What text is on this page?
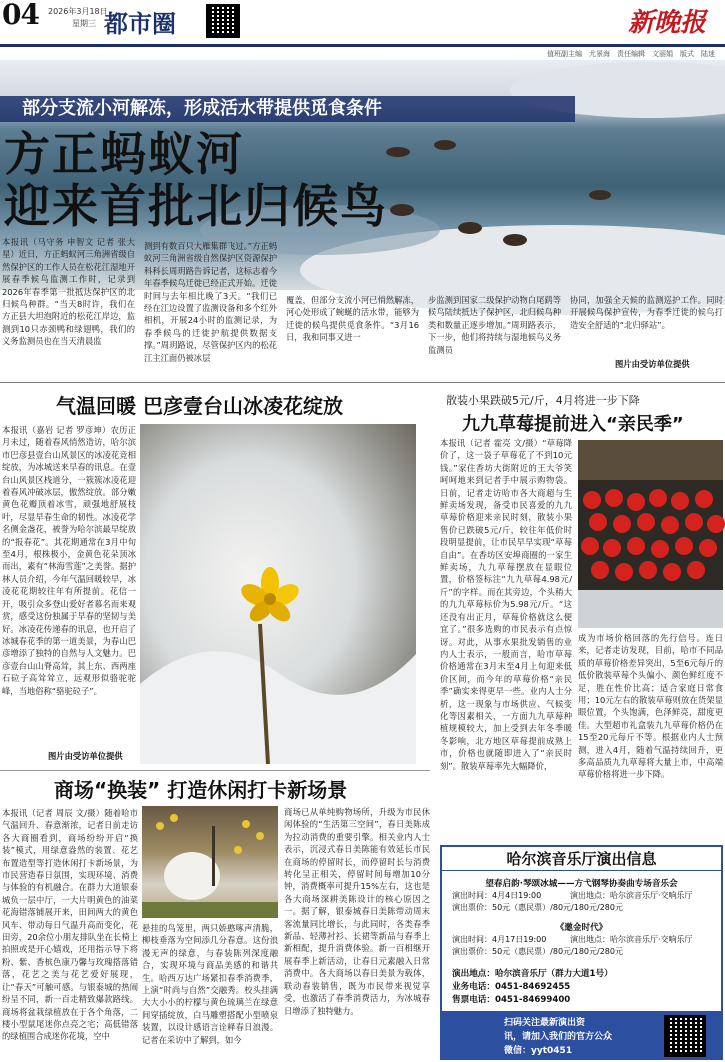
04 2026年3月18日
星期三 都市圈	新晚报
值班副主编　尤景海　责任编辑　文丽娟　版式　陆迷
部分支流小河解冻，形成活水带提供觅食条件
方正蚂蚁河
迎来首批北归候鸟
本报讯（马守务 申智文 记者 张大星）近日，方正蚂蚁河三角洲省级自然保护区的工作人员在松花江湿地开展春季候鸟监测工作时，记录到2026年春季第一批抵达保护区的北归候鸟种群。“当天8时许，我们在方正县大坦泡附近的松花江岸边，监测到10只赤颈鸭和绿翅鸭，我们的义务监测员也在当天清晨监
测到有数百只大雁集群飞过。”方正蚂蚁河三角洲省级自然保护区资源保护科科长周玥路告诉记者，这标志着今年春季候鸟迁徙已经正式开始。迁徙时间与去年相比晚了3天。“我们已经在江边设置了监测设备和多个红外相机，开展24小时的监测记录，为春季候鸟的迁徙护航提供数据支撑。”周玥路说，尽管保护区内的松花江主江面仍被冰层
覆盖，但部分支流小河已悄然解冻，河心处形成了蜿蜒的活水带，能够为迁徙的候鸟提供觅食条件。“3月16日，我和同事又进一
步监测到国家二级保护动物白尾鹞等候鸟陆续抵达了保护区，北归候鸟种类和数量正逐步增加。”周玥路表示，下一步，他们将持续与湿地候鸟义务监测员
协同，加强全天候的监测巡护工作。同时开展候鸟保护宣传，为春季迁徙的候鸟打造安全舒适的“北归驿站”。
图片由受访单位提供
气温回暖 巴彦壹台山冰凌花绽放
本报讯（嘉岩 记者 罗彦坤）农历正月未过，随着春风悄然造访，哈尔滨市巴彦县壹台山风景区的冰凌花竞相绽放，为冰城送来早春的讯息。在壹台山风景区栈道分，一簇簇冰凌花迎着春风冲破冰层，傲然绽放。部分嫩黄色花瓣顶着冰雪，顽强地舒展枝叶，尽显早春生命的韧性。冰凌花学名侧金盏花，被誉为哈尔滨最早绽放的“报春花”。其花期通常在3月中旬至4月，根株极小，金黄色花朵顶冰而出，素有“林海雪莲”之美誉。据护林人员介绍，今年气温回暖较早，冰凌花花期较往年有所提前。花信一开，吸引众多登山爱好者慕名而来观赏，感受这份独属于早春的坚韧与美好。冰凌花传递春的讯息，也开启了冰城春花季的第一道美景，为春山巴彦增添了独特的自然与人文魅力。巴彦壹台山山脊高耸，其上东、西两座石砬子高耸耸立，远观形似骆驼驼峰，当地俗称“骆驼砬子”。
图片由受访单位提供
散装小果跌破5元/斤，4月将进一步下降
九九草莓提前进入“亲民季”
本报讯（记者 霍亮 文/摄）“草莓降价了，这一袋子草莓花了不到10元钱。”家住香坊大街附近的王大爷笑呵呵地来到记者手中展示购物袋。日前，记者走访哈市各大商超与生鲜卖场发现，备受市民喜爱的九九草莓价格迎来亲民时刻，散装小果售价已跌破5元/斤，较往年低价时段明显提前，让市民早早实现“草莓自由”。在香坊区安埠商圈的一家生鲜卖场，九九草莓摆放在显眼位置，价格签标注“九九草莓4.98元/斤”的字样。而在其旁边，个头稍大的九九草莓标价为5.98元/斤。“这还没有出正月，草莓价格就这么便宜了。”很多选购的市民表示有点惊讶。对此，从事水果批发销售的业内人士表示，一般而言，哈市草莓价格通常在3月末至4月上旬迎来低价区间，而今年的草莓价格“亲民季”确实来得更早一些。业内人士分析，这一现象与市场供应、气候变化等因素相关，一方面九九草莓种植规模较大，加上受到去年冬季暖冬影响，北方地区草莓提前成熟上市，价格也就随即进入了“亲民时刻”。散装草莓率先大幅降价，
成为市场价格回落的先行信号。连日来，记者走访发现，目前，哈市不同品质的草莓价格差异突出，5至6元每斤的低价散装草莓个头偏小、颜色鲜红度不足，胜在性价比高；适合家庭日常食用；10元左右的散装草莓则放在货架显眼位置，个头饱满，色泽鲜亮，甜度更佳。大型超市礼盒装九九草莓价格仍在15至20元每斤不等。根据业内人士预测，进入4月，随着气温持续回升，更多高品质九九草莓将大量上市，中高端草莓价格将进一步下降。
商场“换装” 打造休闲打卡新场景
本报讯（记者 周辰 文/摄）随着哈市气温回升、春意渐浓，记者日前走访各大商圈看到，商场纷纷开启“换装”模式，用绿意盎然的装置、花艺布置造型等打造休闲打卡新场景，为市民营造春日氛围，实现环境、消费与体验的有机融合。在群力大道银泰城负一层中厅，一大片明黄色的油菜花海错落铺展开来，田间两大的黄色风车、带动每日气温升高而变化，花田旁，20余位小朋友排队坐在长椅上拍照或是开心嬉戏，还用指示导下将粉、紫、香槟色康乃馨与玫瑰搭落错落，花艺之美与花艺爱好展现，让“春天”可触可感。与银泰城的热闹纷呈不同，新一百走精致爆款路线。商场将盆栽绿植放在于各个角落，二楼小型鼠尾迷你点亮之宅；高低错落的绿植围合成迷你花境，空中
悬挂的鸟笼里，两只娇憨啄声清脆，柳枝垂落为空间添几分春意。这份浪漫无声的绿意，与春装陈列深度融合，实现环境与商品美感的和谐共生。哈西万达广场紧扣春季消费季，上演“时尚与自然”交融秀。校头挂满大大小小的柠檬与黄色琉璃兰在绿意间穿插绽放，白马雕塑搭配小型喷泉装置，以设计感语言诠释春日浪漫。记者在采访中了解到，如今
商场已从单纯购物场所，升级为市民休闲体验的“生活第三空间”，春日美陈成为拉动消费的重要引擎。相关业内人士表示，沉浸式春日美陈能有效延长市民在商场的停留时长，而停留时长与消费转化呈正相关，停留时间每增加10分钟，消费概率可提升15%左右，这也是各大商场深耕美陈设计的核心原因之一。据了解，银泰城春日美陈带动周末客流量同比增长，与此同时，各类春季新品、轻薄衬衫、长裙等新品与春季上新相配，提升消费体验。新一百相继开展春季上新活动，让春日元素融入日常消费中。各大商场以春日美景为载体，联动春装销售，既为市民带来视觉享受，也激活了春季消费活力，为冰城春日增添了独特魅力。
哈尔滨音乐厅演出信息
望春启韵·琴颂冰城——方弋钢琴协奏曲专场音乐会
演出时间：4月4日19:00	演出地点：哈尔滨音乐厅·交响乐厅
演出票价：50元（惠民票）/80元/180元/280元
《邀金时代》
演出时间：4月17日19:00	演出地点：哈尔滨音乐厅·交响乐厅
演出票价：50元（惠民票）/80元/180元/280元
演出地点：哈尔滨音乐厅（群力大道1号）
业务电话：0451-84692455
售票电话：0451-84699400
扫码关注最新演出资
讯，请加入我们的官方公众
微信：yyt0451
